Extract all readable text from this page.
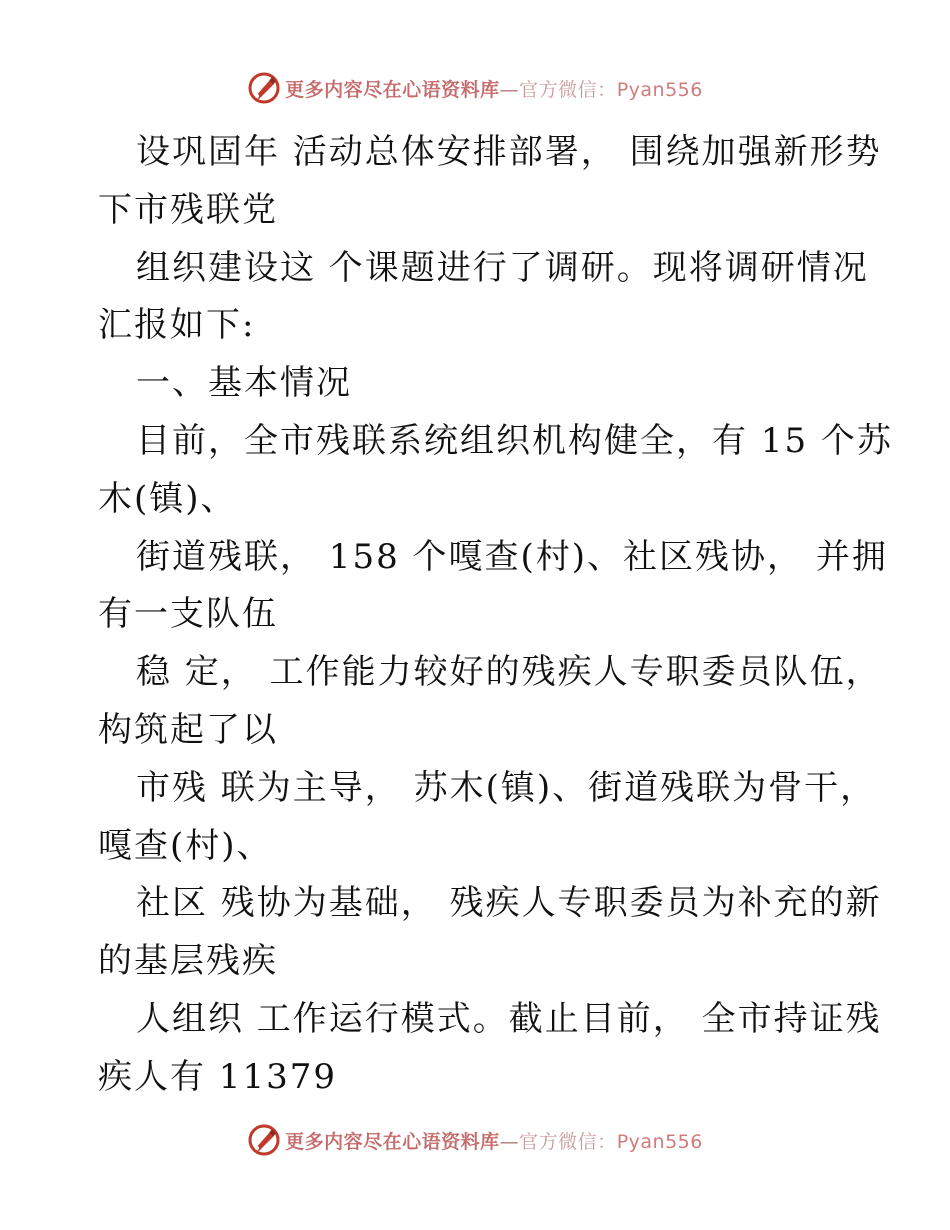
更多内容尽在心语资料库—官方微信：Pyan556
设巩固年 活动总体安排部署， 围绕加强新形势
下市残联党
组织建设这 个课题进行了调研。现将调研情况
汇报如下:
一、基本情况
目前，全市残联系统组织机构健全，有 15 个苏
木(镇)、
街道残联， 158 个嘎查(村)、社区残协， 并拥
有一支队伍
稳 定， 工作能力较好的残疾人专职委员队伍，
构筑起了以
市残 联为主导， 苏木(镇)、街道残联为骨干，
嘎查(村)、
社区 残协为基础， 残疾人专职委员为补充的新
的基层残疾
人组织 工作运行模式。截止目前， 全市持证残
疾人有 11379
更多内容尽在心语资料库—官方微信：Pyan556
